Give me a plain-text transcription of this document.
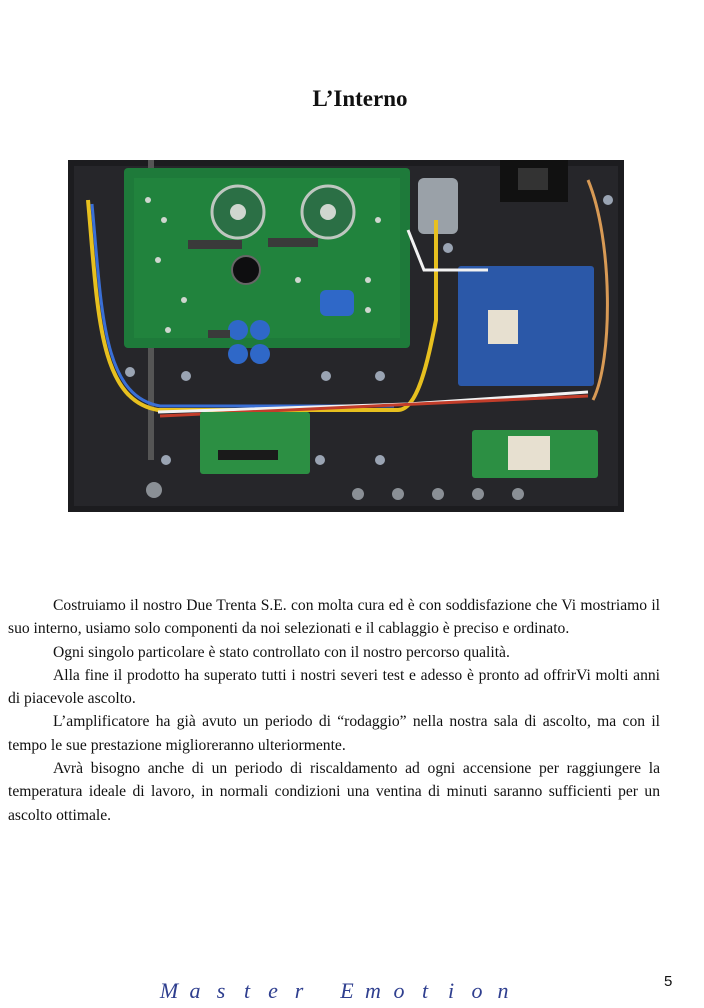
L’Interno

Costruiamo il nostro Due Trenta S.E. con molta cura ed è con soddisfazione che Vi mostriamo il suo interno, usiamo solo componenti da noi selezionati e il cablaggio è preciso e ordinato.

Ogni singolo particolare è stato controllato con il nostro percorso qualità.

Alla fine il prodotto ha superato tutti i nostri severi test e adesso è pronto ad offrirVi molti anni di piacevole ascolto.

L’amplificatore ha già avuto un periodo di “rodaggio” nella nostra sala di ascolto, ma con il tempo le sue prestazione miglioreranno ulteriormente.

Avrà bisogno anche di un periodo di riscaldamento ad ogni accensione per raggiungere la temperatura ideale di lavoro, in normali condizioni una ventina di minuti saranno sufficienti per un ascolto ottimale.

M a s t e r E m o t i o n	5
